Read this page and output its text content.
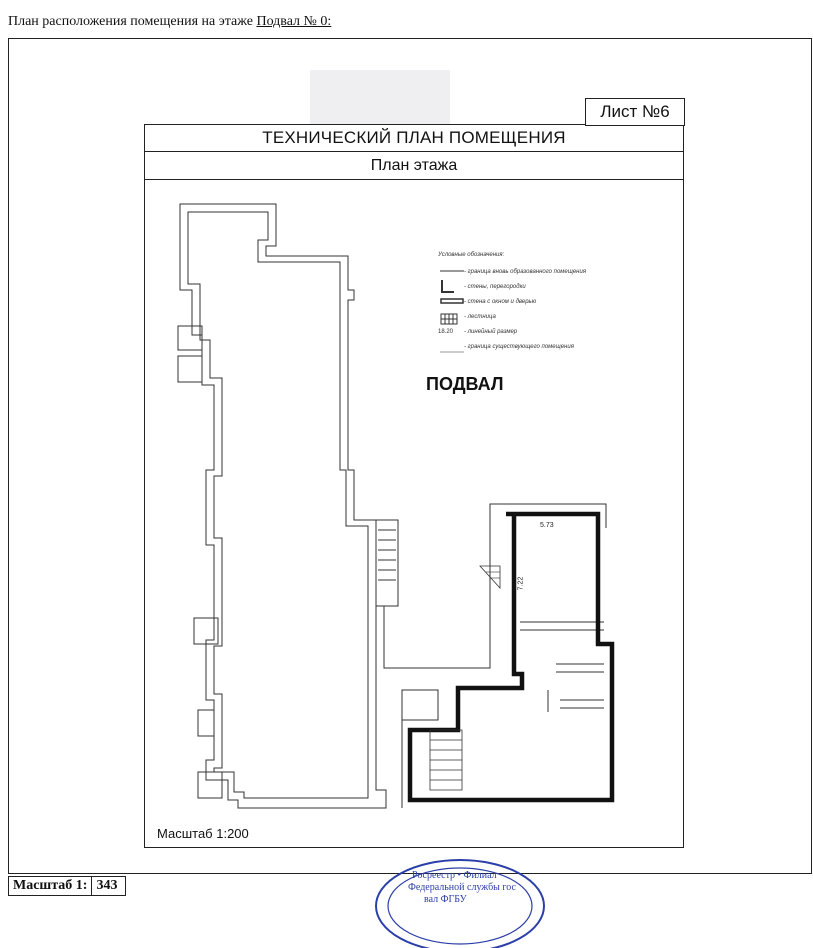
План расположения помещения на этаже Подвал № 0:
ТЕХНИЧЕСКИЙ ПЛАН ПОМЕЩЕНИЯ
План этажа
Лист №6
Условные обозначения:
- граница вновь образованного помещения
- стены, перегородки
- стена с окном и дверью
- лестница
18.20	- линейный размер
- граница существующего помещения
ПОДВАЛ
5.73
7.22
Масштаб 1:200
Росреестр • Филиал
Федеральной службы гос
вал ФГБУ
Масштаб 1: 343
